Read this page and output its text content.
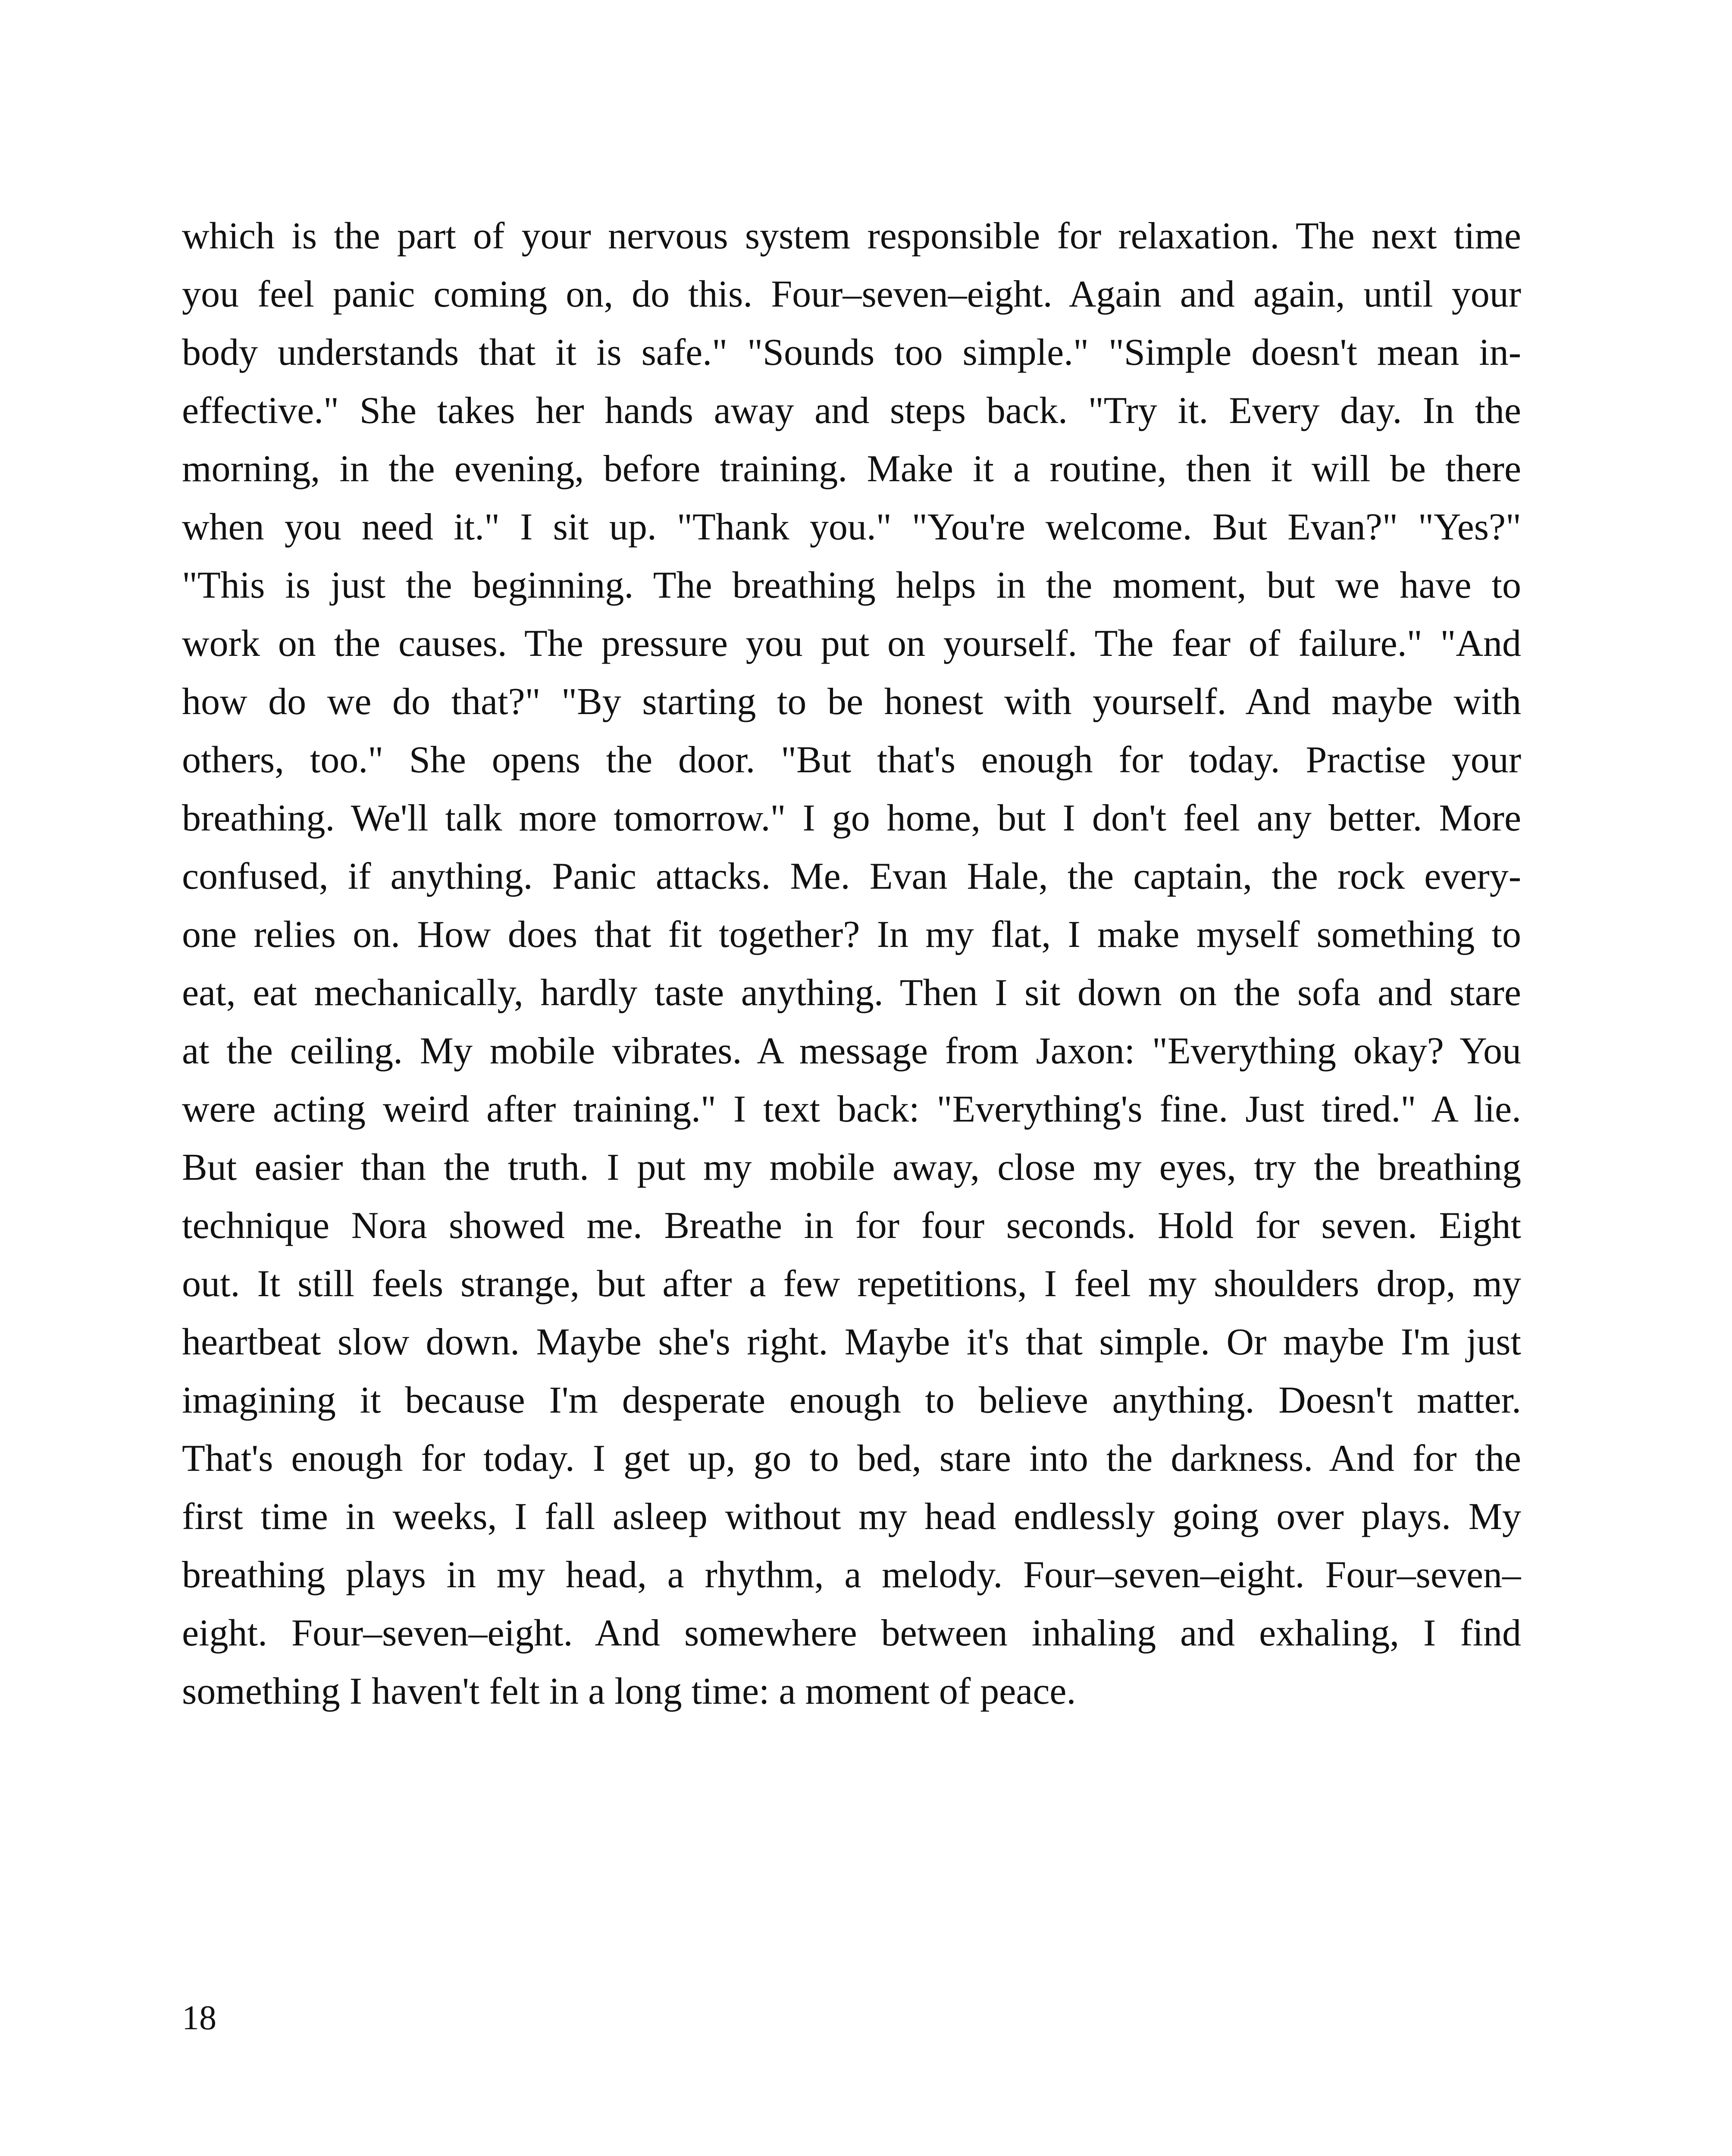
which is the part of your nervous system responsible for relaxation. The next time
you feel panic coming on, do this. Four–seven–eight. Again and again, until your
body understands that it is safe." "Sounds too simple." "Simple doesn't mean in-
effective." She takes her hands away and steps back. "Try it. Every day. In the
morning, in the evening, before training. Make it a routine, then it will be there
when you need it." I sit up. "Thank you." "You're welcome. But Evan?" "Yes?"
"This is just the beginning. The breathing helps in the moment, but we have to
work on the causes. The pressure you put on yourself. The fear of failure." "And
how do we do that?" "By starting to be honest with yourself. And maybe with
others, too." She opens the door. "But that's enough for today. Practise your
breathing. We'll talk more tomorrow." I go home, but I don't feel any better. More
confused, if anything. Panic attacks. Me. Evan Hale, the captain, the rock every-
one relies on. How does that fit together? In my flat, I make myself something to
eat, eat mechanically, hardly taste anything. Then I sit down on the sofa and stare
at the ceiling. My mobile vibrates. A message from Jaxon: "Everything okay? You
were acting weird after training." I text back: "Everything's fine. Just tired." A lie.
But easier than the truth. I put my mobile away, close my eyes, try the breathing
technique Nora showed me. Breathe in for four seconds. Hold for seven. Eight
out. It still feels strange, but after a few repetitions, I feel my shoulders drop, my
heartbeat slow down. Maybe she's right. Maybe it's that simple. Or maybe I'm just
imagining it because I'm desperate enough to believe anything. Doesn't matter.
That's enough for today. I get up, go to bed, stare into the darkness. And for the
first time in weeks, I fall asleep without my head endlessly going over plays. My
breathing plays in my head, a rhythm, a melody. Four–seven–eight. Four–seven–
eight. Four–seven–eight. And somewhere between inhaling and exhaling, I find
something I haven't felt in a long time: a moment of peace.
18
